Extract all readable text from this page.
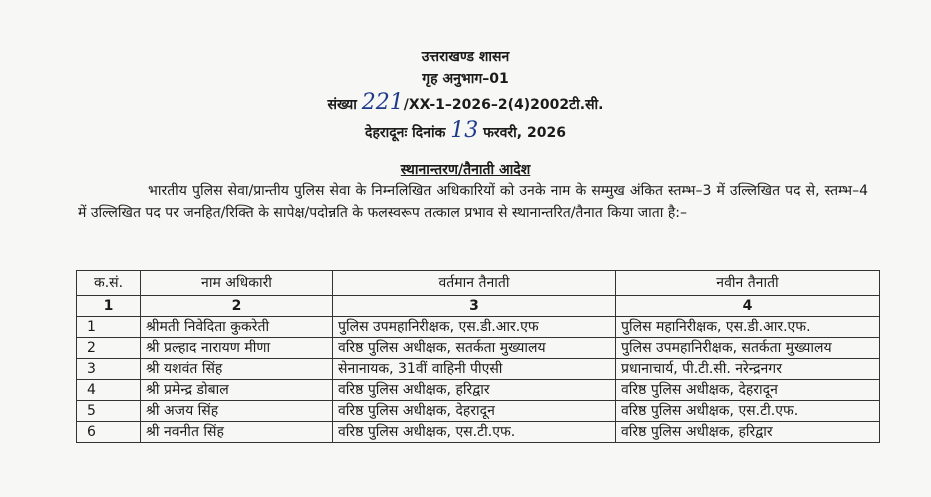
उत्तराखण्ड शासन
गृह अनुभाग–01
संख्या 221/XX-1–2026–2(4)2002टी.सी.
देहरादूनः दिनांक 13 फरवरी, 2026
स्थानान्तरण/तैनाती आदेश
भारतीय पुलिस सेवा/प्रान्तीय पुलिस सेवा के निम्नलिखित अधिकारियों को उनके नाम के सम्मुख अंकित स्तम्भ–3 में उल्लिखित पद से, स्तम्भ–4 में उल्लिखित पद पर जनहित/रिक्ति के सापेक्ष/पदोन्नति के फलस्वरूप तत्काल प्रभाव से स्थानान्तरित/तैनात किया जाता है:–
क.सं.	नाम अधिकारी	वर्तमान तैनाती	नवीन तैनाती
1	2	3	4
1	श्रीमती निवेदिता कुकरेती	पुलिस उपमहानिरीक्षक, एस.डी.आर.एफ	पुलिस महानिरीक्षक, एस.डी.आर.एफ.
2	श्री प्रल्हाद नारायण मीणा	वरिष्ठ पुलिस अधीक्षक, सतर्कता मुख्यालय	पुलिस उपमहानिरीक्षक, सतर्कता मुख्यालय
3	श्री यशवंत सिंह	सेनानायक, 31वीं वाहिनी पीएसी	प्रधानाचार्य, पी.टी.सी. नरेन्द्रनगर
4	श्री प्रमेन्द्र डोबाल	वरिष्ठ पुलिस अधीक्षक, हरिद्वार	वरिष्ठ पुलिस अधीक्षक, देहरादून
5	श्री अजय सिंह	वरिष्ठ पुलिस अधीक्षक, देहरादून	वरिष्ठ पुलिस अधीक्षक, एस.टी.एफ.
6	श्री नवनीत सिंह	वरिष्ठ पुलिस अधीक्षक, एस.टी.एफ.	वरिष्ठ पुलिस अधीक्षक, हरिद्वार
